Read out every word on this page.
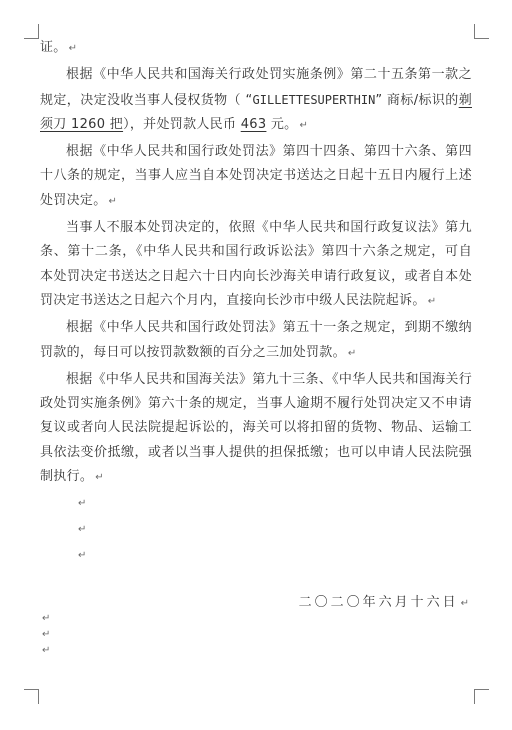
证。 ↵

根据《中华人民共和国海关行政处罚实施条例》第二十五条第一款之规定，决定没收当事人侵权货物（ “GILLETTESUPERTHIN” 商标/标识的剃须刀 1260 把），并处罚款人民币 463 元。 ↵

根据《中华人民共和国行政处罚法》第四十四条、第四十六条、第四十八条的规定，当事人应当自本处罚决定书送达之日起十五日内履行上述处罚决定。 ↵

当事人不服本处罚决定的，依照《中华人民共和国行政复议法》第九条、第十二条，《中华人民共和国行政诉讼法》第四十六条之规定，可自本处罚决定书送达之日起六十日内向长沙海关申请行政复议，或者自本处罚决定书送达之日起六个月内，直接向长沙市中级人民法院起诉。 ↵

根据《中华人民共和国行政处罚法》第五十一条之规定，到期不缴纳罚款的，每日可以按罚款数额的百分之三加处罚款。 ↵

根据《中华人民共和国海关法》第九十三条、《中华人民共和国海关行政处罚实施条例》第六十条的规定，当事人逾期不履行处罚决定又不申请复议或者向人民法院提起诉讼的，海关可以将扣留的货物、物品、运输工具依法变价抵缴，或者以当事人提供的担保抵缴；也可以申请人民法院强制执行。 ↵

↵
↵
↵
二〇二〇年六月十六日 ↵
↵
↵
↵
